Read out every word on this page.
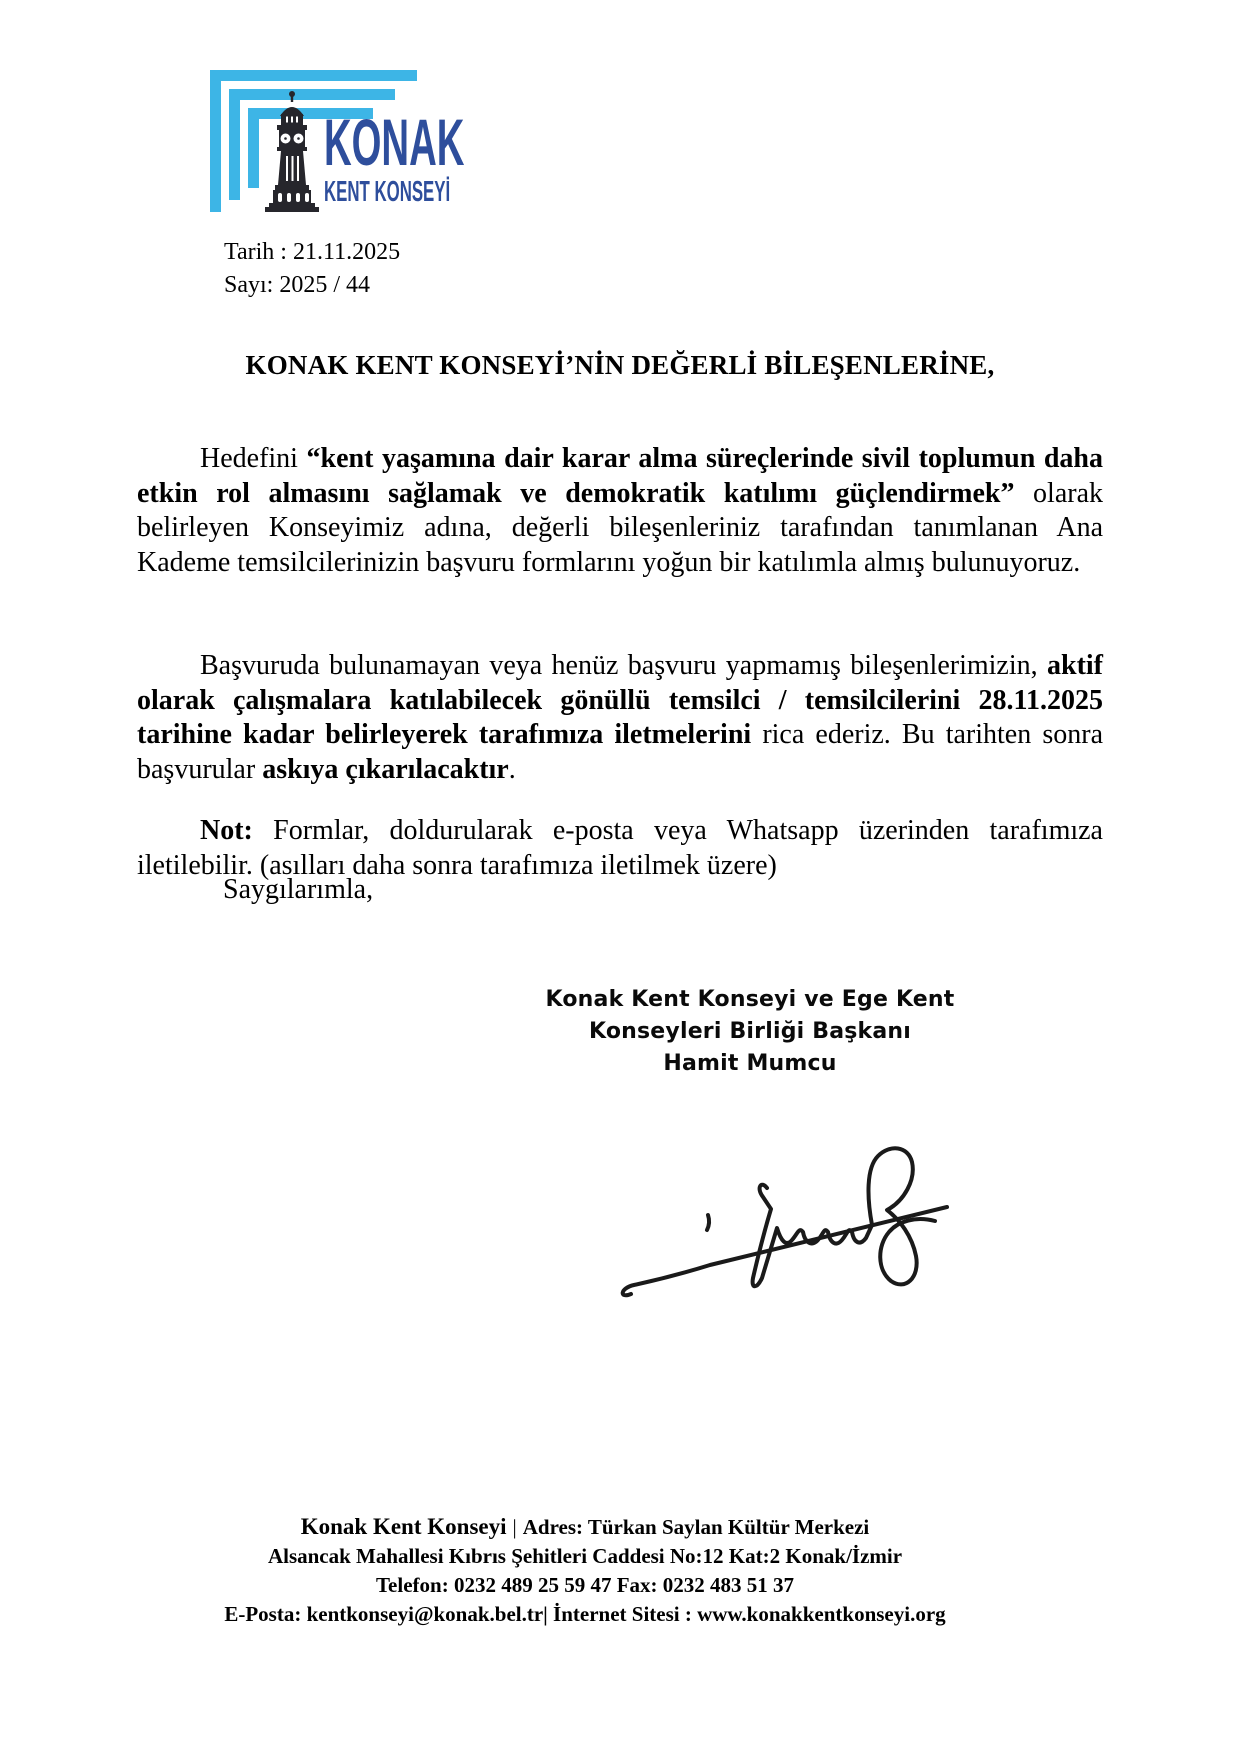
KONAK
KENT KONSEYİ
Tarih : 21.11.2025
Sayı: 2025 / 44
KONAK KENT KONSEYİ’NİN DEĞERLİ BİLEŞENLERİNE,

Hedefini “kent yaşamına dair karar alma süreçlerinde sivil toplumun daha etkin rol almasını sağlamak ve demokratik katılımı güçlendirmek” olarak belirleyen Konseyimiz adına, değerli bileşenleriniz tarafından tanımlanan Ana Kademe temsilcilerinizin başvuru formlarını yoğun bir katılımla almış bulunuyoruz.

Başvuruda bulunamayan veya henüz başvuru yapmamış bileşenlerimizin, aktif olarak çalışmalara katılabilecek gönüllü temsilci / temsilcilerini 28.11.2025 tarihine kadar belirleyerek tarafımıza iletmelerini rica ederiz. Bu tarihten sonra başvurular askıya çıkarılacaktır.

Not: Formlar, doldurularak e-posta veya Whatsapp üzerinden tarafımıza iletilebilir. (asılları daha sonra tarafımıza iletilmek üzere)

Saygılarımla,
Konak Kent Konseyi ve Ege Kent
Konseyleri Birliği Başkanı
Hamit Mumcu
Konak Kent Konseyi | Adres: Türkan Saylan Kültür Merkezi
Alsancak Mahallesi Kıbrıs Şehitleri Caddesi No:12 Kat:2 Konak/İzmir
Telefon: 0232 489 25 59 47 Fax: 0232 483 51 37
E-Posta: kentkonseyi@konak.bel.tr| İnternet Sitesi : www.konakkentkonseyi.org
